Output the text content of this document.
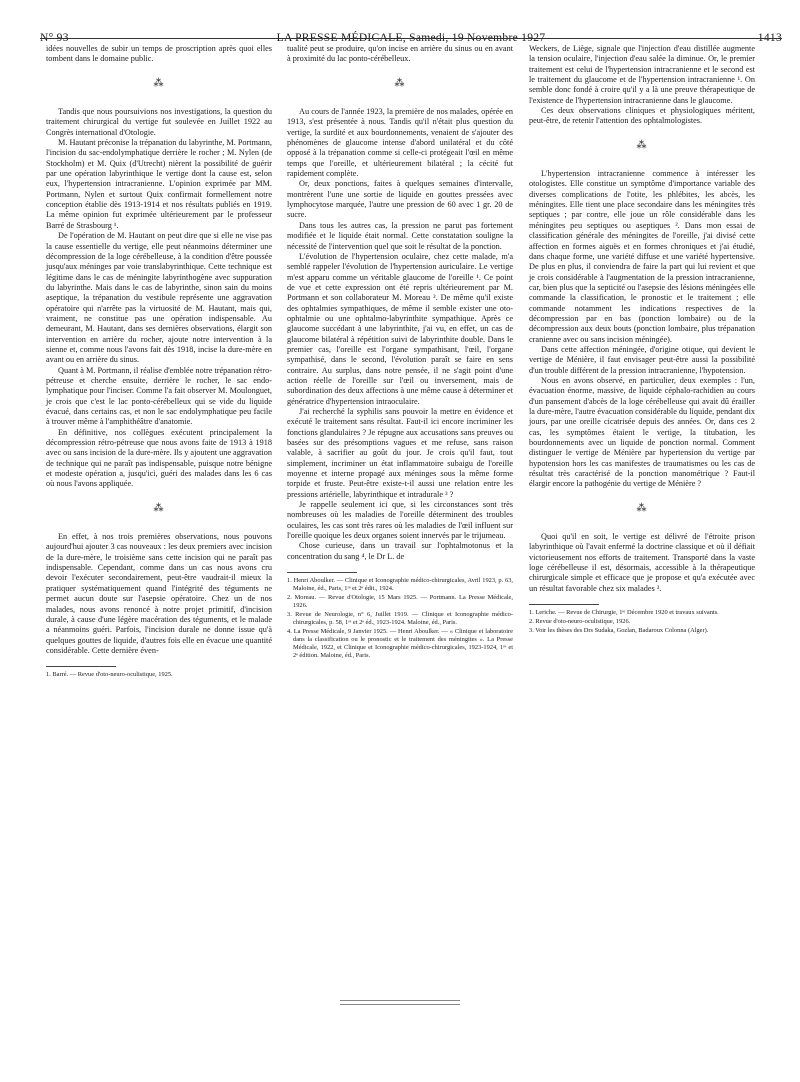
N° 93	LA PRESSE MÉDICALE, Samedi, 19 Novembre 1927	1413

idées nouvelles de subir un temps de proscription après quoi elles tombent dans le domaine public.

⁂

Tandis que nous poursuivions nos investigations, la question du traitement chirurgical du vertige fut soulevée en Juillet 1922 au Congrès international d'Otologie.

M. Hautant préconise la trépanation du labyrinthe, M. Portmann, l'incision du sac-endolymphatique derrière le rocher ; M. Nylen (de Stockholm) et M. Quix (d'Utrecht) nièrent la possibilité de guérir par une opération labyrinthique le vertige dont la cause est, selon eux, l'hypertension intracranienne. L'opinion exprimée par MM. Portmann, Nylen et surtout Quix confirmait formellement notre conception établie dès 1913-1914 et nos résultats publiés en 1919. La même opinion fut exprimée ultérieurement par le professeur Barré de Strasbourg ¹.

De l'opération de M. Hautant on peut dire que si elle ne vise pas la cause essentielle du vertige, elle peut néanmoins déterminer une décompression de la loge cérébelleuse, à la condition d'être poussée jusqu'aux méninges par voie translabyrinthique. Cette technique est légitime dans le cas de méningite labyrinthogène avec suppuration du labyrinthe. Mais dans le cas de labyrinthe, sinon sain du moins aseptique, la trépanation du vestibule représente une aggravation opératoire qui n'arrête pas la virtuosité de M. Hautant, mais qui, vraiment, ne constitue pas une opération indispensable. Au demeurant, M. Hautant, dans ses dernières observations, élargit son intervention en arrière du rocher, ajoute notre intervention à la sienne et, comme nous l'avons fait dès 1918, incise la dure-mère en avant ou en arrière du sinus.

Quant à M. Portmann, il réalise d'emblée notre trépanation rétro-pétreuse et cherche ensuite, derrière le rocher, le sac endo-lymphatique pour l'inciser. Comme l'a fait observer M. Moulonguet, je crois que c'est le lac ponto-cérébelleux qui se vide du liquide évacué, dans certains cas, et non le sac endolymphatique peu facile à trouver même à l'amphithéâtre d'anatomie.

En définitive, nos collègues exécutent principalement la décompression rétro-pétreuse que nous avons faite de 1913 à 1918 avec ou sans incision de la dure-mère. Ils y ajoutent une aggravation de technique qui ne paraît pas indispensable, puisque notre bénigne et modeste opération a, jusqu'ici, guéri des malades dans les 6 cas où nous l'avons appliquée.

⁂

En effet, à nos trois premières observations, nous pouvons aujourd'hui ajouter 3 cas nouveaux : les deux premiers avec incision de la dure-mère, le troisième sans cette incision qui ne paraît pas indispensable. Cependant, comme dans un cas nous avons cru devoir l'exécuter secondairement, peut-être vaudrait-il mieux la pratiquer systématiquement quand l'intégrité des téguments ne permet aucun doute sur l'asepsie opératoire. Chez un de nos malades, nous avons renoncé à notre projet primitif, d'incision durale, à cause d'une légère macération des téguments, et le malade a néanmoins guéri. Parfois, l'incision durale ne donne issue qu'à quelques gouttes de liquide, d'autres fois elle en évacue une quantité considérable. Cette dernière éven-

1. Barré. — Revue d'oto-neuro-oculistique, 1925.

tualité peut se produire, qu'on incise en arrière du sinus ou en avant à proximité du lac ponto-cérébelleux.

⁂

Au cours de l'année 1923, la première de nos malades, opérée en 1913, s'est présentée à nous. Tandis qu'il n'était plus question du vertige, la surdité et aux bourdonnements, venaient de s'ajouter des phénomènes de glaucome intense d'abord unilatéral et du côté opposé à la trépanation comme si celle-ci protégeait l'œil en même temps que l'oreille, et ultérieurement bilatéral ; la cécité fut rapidement complète.

Or, deux ponctions, faites à quelques semaines d'intervalle, montrèrent l'une une sortie de liquide en gouttes pressées avec lymphocytose marquée, l'autre une pression de 60 avec 1 gr. 20 de sucre.

Dans tous les autres cas, la pression ne parut pas fortement modifiée et le liquide était normal. Cette constatation souligne la nécessité de l'intervention quel que soit le résultat de la ponction.

L'évolution de l'hypertension oculaire, chez cette malade, m'a semblé rappeler l'évolution de l'hypertension auriculaire. Le vertige m'est apparu comme un véritable glaucome de l'oreille ¹. Ce point de vue et cette expression ont été repris ultérieurement par M. Portmann et son collaborateur M. Moreau ². De même qu'il existe des ophtalmies sympathiques, de même il semble exister une oto-ophtalmie ou une ophtalmo-labyrinthite sympathique. Après ce glaucome succédant à une labyrinthite, j'ai vu, en effet, un cas de glaucome bilatéral à répétition suivi de labyrinthite double. Dans le premier cas, l'oreille est l'organe sympathisant, l'œil, l'organe sympathisé, dans le second, l'évolution paraît se faire en sens contraire. Au surplus, dans notre pensée, il ne s'agit point d'une action réelle de l'oreille sur l'œil ou inversement, mais de subordination des deux affections à une même cause à déterminer et génératrice d'hypertension intraoculaire.

J'ai recherché la syphilis sans pouvoir la mettre en évidence et exécuté le traitement sans résultat. Faut-il ici encore incriminer les fonctions glandulaires ? Je répugne aux accusations sans preuves ou basées sur des présomptions vagues et me refuse, sans raison valable, à sacrifier au goût du jour. Je crois qu'il faut, tout simplement, incriminer un état inflammatoire subaigu de l'oreille moyenne et interne propagé aux méninges sous la même forme torpide et fruste. Peut-être existe-t-il aussi une relation entre les pressions artérielle, labyrinthique et intradurale ³ ?

Je rappelle seulement ici que, si les circonstances sont très nombreuses où les maladies de l'oreille déterminent des troubles oculaires, les cas sont très rares où les maladies de l'œil influent sur l'oreille quoique les deux organes soient innervés par le trijumeau.

Chose curieuse, dans un travail sur l'ophtalmotonus et la concentration du sang ⁴, le Dr L. de

1. Henri Aboulker. — Clinique et Iconographie médico-chirurgicales, Avril 1923, p. 63, Maloine, éd., Paris, 1ʳᵉ et 2ᵉ édit., 1924.
2. Moreau. — Revue d'Otologie, 15 Mars 1925. — Portmann. La Presse Médicale, 1926.
3. Revue de Neurologie, n° 6, Juillet 1919. — Clinique et Iconographie médico-chirurgicales, p. 58, 1ʳᵉ et 2ᵉ éd., 1923-1924. Maloine, éd., Paris.
4. La Presse Médicale, 9 Janvier 1925. — Henri Aboulker. — « Clinique et laboratoire dans la classification ou le pronostic et le traitement des méningites ». La Presse Médicale, 1922, et Clinique et Iconographie médico-chirurgicales, 1923-1924, 1ʳᵉ et 2ᵉ édition. Maloine, éd., Paris.

Weckers, de Liège, signale que l'injection d'eau distillée augmente la tension oculaire, l'injection d'eau salée la diminue. Or, le premier traitement est celui de l'hypertension intracranienne et le second est le traitement du glaucome et de l'hypertension intracranienne ¹. On semble donc fondé à croire qu'il y a là une preuve thérapeutique de l'existence de l'hypertension intracranienne dans le glaucome.

Ces deux observations cliniques et physiologiques méritent, peut-être, de retenir l'attention des ophtalmologistes.

⁂

L'hypertension intracranienne commence à intéresser les otologistes. Elle constitue un symptôme d'importance variable des diverses complications de l'otite, les phlébites, les abcès, les méningites. Elle tient une place secondaire dans les méningites très septiques ; par contre, elle joue un rôle considérable dans les méningites peu septiques ou aseptiques ². Dans mon essai de classification générale des méningites de l'oreille, j'ai divisé cette affection en formes aiguës et en formes chroniques et j'ai étudié, dans chaque forme, une variété diffuse et une variété hypertensive. De plus en plus, il conviendra de faire la part qui lui revient et que je crois considérable à l'augmentation de la pression intracranienne, car, bien plus que la septicité ou l'asepsie des lésions méningées elle commande la classification, le pronostic et le traitement ; elle commande notamment les indications respectives de la décompression par en bas (ponction lombaire) ou de la décompression aux deux bouts (ponction lombaire, plus trépanation cranienne avec ou sans incision méningée).

Dans cette affection méningée, d'origine otique, qui devient le vertige de Ménière, il faut envisager peut-être aussi la possibilité d'un trouble différent de la pression intracranienne, l'hypotension.

Nous en avons observé, en particulier, deux exemples : l'un, évacuation énorme, massive, de liquide céphalo-rachidien au cours d'un pansement d'abcès de la loge cérébelleuse qui avait dû érailler la dure-mère, l'autre évacuation considérable du liquide, pendant dix jours, par une oreille cicatrisée depuis des années. Or, dans ces 2 cas, les symptômes étaient le vertige, la titubation, les bourdonnements avec un liquide de ponction normal. Comment distinguer le vertige de Ménière par hypertension du vertige par hypotension hors les cas manifestes de traumatismes ou les cas de résultat très caractérisé de la ponction manométrique ? Faut-il élargir encore la pathogénie du vertige de Ménière ?

⁂

Quoi qu'il en soit, le vertige est délivré de l'étroite prison labyrinthique où l'avait enfermé la doctrine classique et où il défiait victorieusement nos efforts de traitement. Transporté dans la vaste loge cérébelleuse il est, désormais, accessible à la thérapeutique chirurgicale simple et efficace que je propose et qu'a exécutée avec un résultat favorable chez six malades ³.

1. Leriche. — Revue de Chirurgie, 1ᵉʳ Décembre 1920 et travaux suivants.
2. Revue d'oto-neuro-oculistique, 1926.
3. Voir les thèses des Drs Sudaka, Gozlan, Badaroux Colonna (Alger).
